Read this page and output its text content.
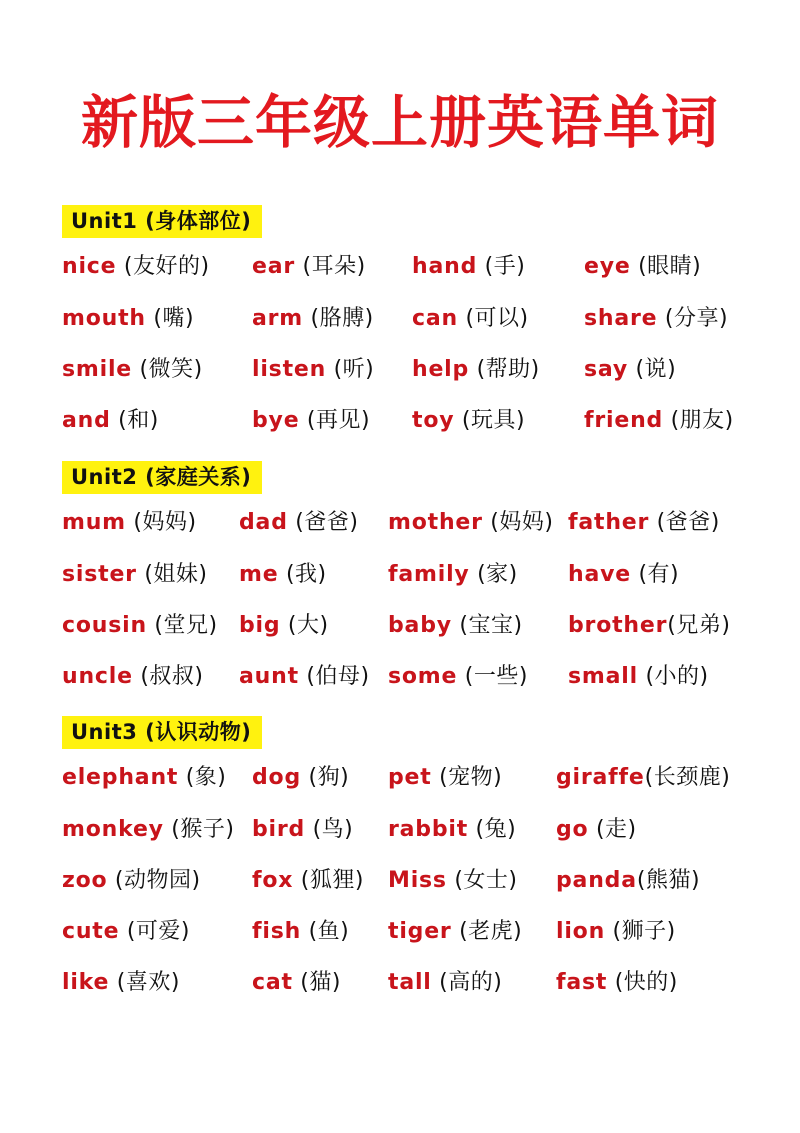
新版三年级上册英语单词
Unit1 (身体部位)
nice (友好的) ear (耳朵) hand (手)	eye (眼睛)
mouth (嘴)	arm (胳膊) can (可以)	share (分享)
smile (微笑) listen (听) help (帮助) say (说)
and (和)	bye (再见) toy (玩具)	friend (朋友)
Unit2 (家庭关系)
mum (妈妈) dad (爸爸) mother (妈妈) father (爸爸)
sister (姐妹) me (我)	family (家) have (有)
cousin (堂兄) big (大)	baby (宝宝) brother(兄弟)
uncle (叔叔) aunt (伯母) some (一些) small (小的)
Unit3 (认识动物)
elephant (象) dog (狗) pet (宠物) giraffe(长颈鹿)
monkey (猴子) bird (鸟) rabbit (兔) go (走)
zoo (动物园) fox (狐狸) Miss (女士) panda(熊猫)
cute (可爱)	fish (鱼) tiger (老虎) lion (狮子)
like (喜欢)	cat (猫) tall (高的) fast (快的)
